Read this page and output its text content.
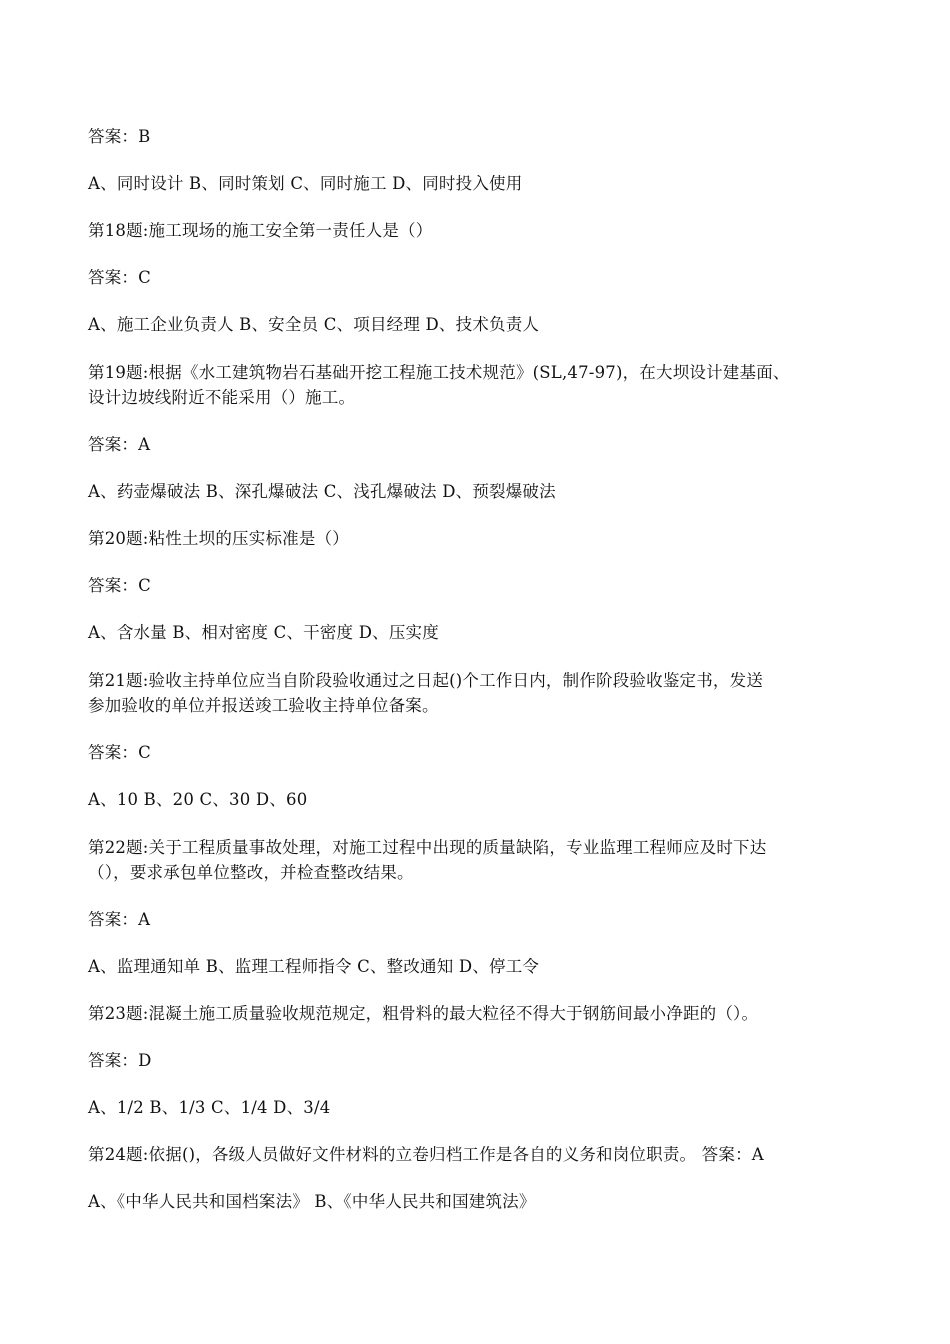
答案：B
A、同时设计 B、同时策划 C、同时施工 D、同时投入使用
第18题:施工现场的施工安全第一责任人是（）
答案：C
A、施工企业负责人 B、安全员 C、项目经理 D、技术负责人
第19题:根据《水工建筑物岩石基础开挖工程施工技术规范》(SL,47-97)，在大坝设计建基面、
设计边坡线附近不能采用（）施工。
答案：A
A、药壶爆破法 B、深孔爆破法 C、浅孔爆破法 D、预裂爆破法
第20题:粘性土坝的压实标准是（）
答案：C
A、含水量 B、相对密度 C、干密度 D、压实度
第21题:验收主持单位应当自阶段验收通过之日起()个工作日内，制作阶段验收鉴定书，发送
参加验收的单位并报送竣工验收主持单位备案。
答案：C
A、10 B、20 C、30 D、60
第22题:关于工程质量事故处理，对施工过程中出现的质量缺陷，专业监理工程师应及时下达
（），要求承包单位整改，并检查整改结果。
答案：A
A、监理通知单 B、监理工程师指令 C、整改通知 D、停工令
第23题:混凝土施工质量验收规范规定，粗骨料的最大粒径不得大于钢筋间最小净距的（）。
答案：D
A、1/2 B、1/3 C、1/4 D、3/4
第24题:依据()，各级人员做好文件材料的立卷归档工作是各自的义务和岗位职责。 答案：A
A、《中华人民共和国档案法》 B、《中华人民共和国建筑法》
